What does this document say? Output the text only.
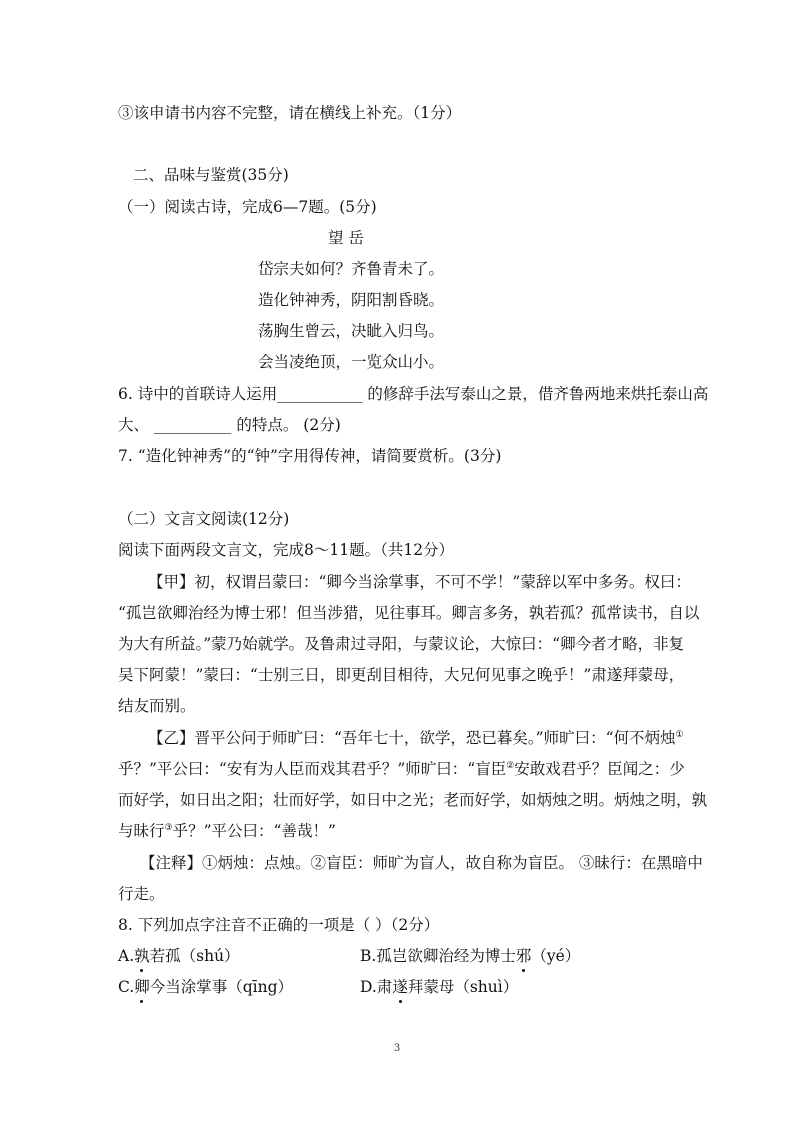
③该申请书内容不完整，请在横线上补充。（1分）
二、品味与鉴赏(35分)
（一）阅读古诗，完成6—7题。(5分)
望 岳
岱宗夫如何？齐鲁青未了。
造化钟神秀，阴阳割昏晓。
荡胸生曾云，决眦入归鸟。
会当凌绝顶，一览众山小。
6. 诗中的首联诗人运用___________ 的修辞手法写泰山之景，借齐鲁两地来烘托泰山高
大、 __________ 的特点。 (2分)
7. “造化钟神秀”的“钟”字用得传神，请简要赏析。(3分)
（二）文言文阅读(12分)
阅读下面两段文言文，完成8～11题。（共12分）
【甲】初，权谓吕蒙曰：“卿今当涂掌事，不可不学！”蒙辞以军中多务。权曰：
“孤岂欲卿治经为博士邪！但当涉猎，见往事耳。卿言多务，孰若孤？孤常读书，自以
为大有所益。”蒙乃始就学。及鲁肃过寻阳，与蒙议论，大惊曰：“卿今者才略，非复
吴下阿蒙！”蒙曰：“士别三日，即更刮目相待，大兄何见事之晚乎！”肃遂拜蒙母，
结友而别。
【乙】晋平公问于师旷曰：“吾年七十，欲学，恐已暮矣。”师旷曰：“何不炳烛①
乎？”平公曰：“安有为人臣而戏其君乎？”师旷曰：“盲臣②安敢戏君乎？臣闻之：少
而好学，如日出之阳；壮而好学，如日中之光；老而好学，如炳烛之明。炳烛之明，孰
与昧行③乎？”平公曰：“善哉！”
【注释】①炳烛：点烛。②盲臣：师旷为盲人，故自称为盲臣。 ③昧行：在黑暗中
行走。
8. 下列加点字注音不正确的一项是（ ）（2分）
A.孰若孤（shú）	B.孤岂欲卿治经为博士邪（yé）
C.卿今当涂掌事（qīng）	D.肃遂拜蒙母（shuì）
3
